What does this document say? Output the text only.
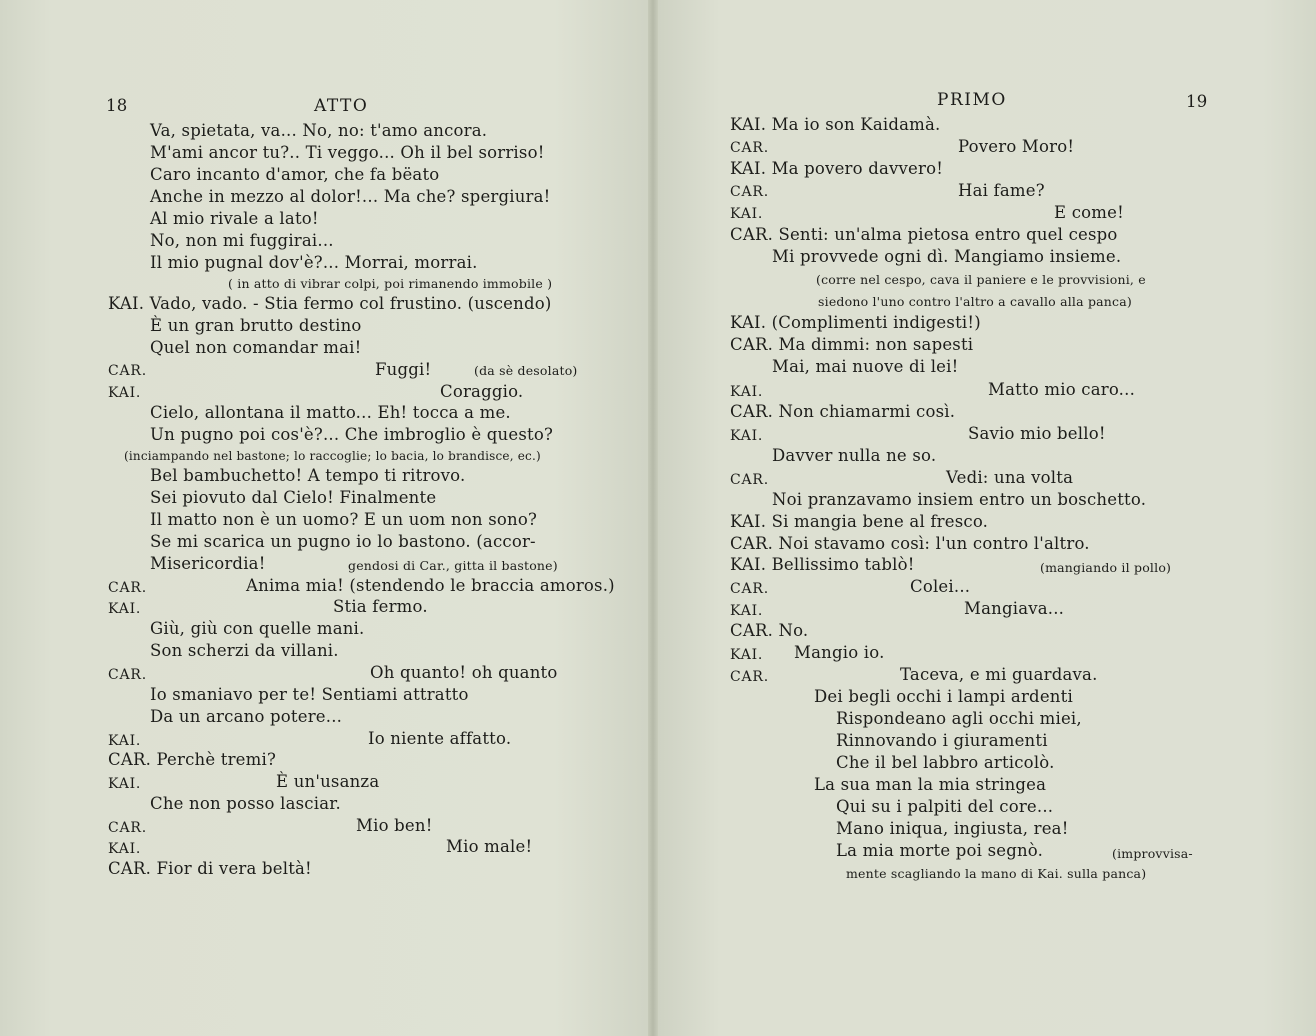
18	ATTO
Va, spietata, va... No, no: t'amo ancora.
M'ami ancor tu?.. Ti veggo... Oh il bel sorriso!
Caro incanto d'amor, che fa bëato
Anche in mezzo al dolor!... Ma che? spergiura!
Al mio rivale a lato!
No, non mi fuggirai...
Il mio pugnal dov'è?... Morrai, morrai.
( in atto di vibrar colpi, poi rimanendo immobile )
KAI. Vado, vado. - Stia fermo col frustino. (uscendo)
È un gran brutto destino
Quel non comandar mai!
CAR.	Fuggi!	(da sè desolato)
KAI.	Coraggio.
Cielo, allontana il matto... Eh! tocca a me.
Un pugno poi cos'è?... Che imbroglio è questo?
(inciampando nel bastone; lo raccoglie; lo bacia, lo brandisce, ec.)
Bel bambuchetto! A tempo ti ritrovo.
Sei piovuto dal Cielo! Finalmente
Il matto non è un uomo? E un uom non sono?
Se mi scarica un pugno io lo bastono. (accor-
Misericordia!	gendosi di Car., gitta il bastone)
CAR.	Anima mia! (stendendo le braccia amoros.)
KAI.	Stia fermo.
Giù, giù con quelle mani.
Son scherzi da villani.
CAR.	Oh quanto! oh quanto
Io smaniavo per te! Sentiami attratto
Da un arcano potere...
KAI.	Io niente affatto.
CAR. Perchè tremi?
KAI.	È un'usanza
Che non posso lasciar.
CAR.	Mio ben!
KAI.	Mio male!
CAR. Fior di vera beltà!
PRIMO	19
KAI. Ma io son Kaidamà.
CAR.	Povero Moro!
KAI. Ma povero davvero!
CAR.	Hai fame?
KAI.	E come!
CAR. Senti: un'alma pietosa entro quel cespo
Mi provvede ogni dì. Mangiamo insieme.
(corre nel cespo, cava il paniere e le provvisioni, e
siedono l'uno contro l'altro a cavallo alla panca)
KAI. (Complimenti indigesti!)
CAR. Ma dimmi: non sapesti
Mai, mai nuove di lei!
KAI.	Matto mio caro...
CAR. Non chiamarmi così.
KAI.	Savio mio bello!
Davver nulla ne so.
CAR.	Vedi: una volta
Noi pranzavamo insiem entro un boschetto.
KAI. Si mangia bene al fresco.
CAR. Noi stavamo così: l'un contro l'altro.
KAI. Bellissimo tablò!	(mangiando il pollo)
CAR.	Colei...
KAI.	Mangiava...
CAR. No.
KAI. Mangio io.
CAR.	Taceva, e mi guardava.
Dei begli occhi i lampi ardenti
Rispondeano agli occhi miei,
Rinnovando i giuramenti
Che il bel labbro articolò.
La sua man la mia stringea
Qui su i palpiti del core...
Mano iniqua, ingiusta, rea!
La mia morte poi segnò.	(improvvisa-
mente scagliando la mano di Kai. sulla panca)
